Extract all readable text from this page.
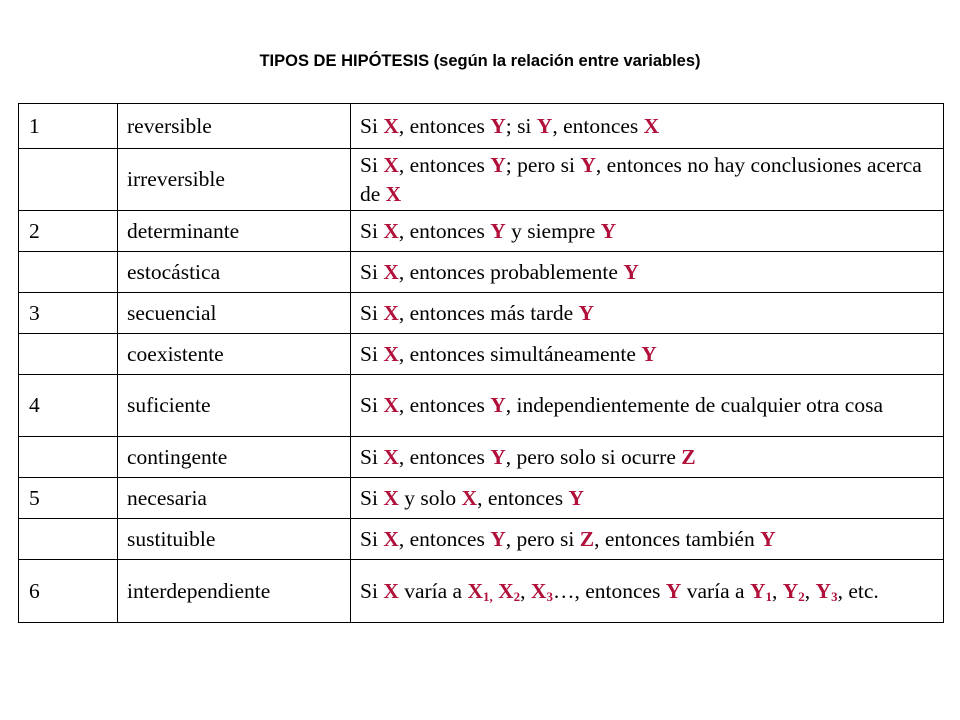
TIPOS DE HIPÓTESIS (según la relación entre variables)
1	reversible	Si X, entonces Y; si Y, entonces X
	irreversible	Si X, entonces Y; pero si Y, entonces no hay conclusiones acerca de X
2	determinante	Si X, entonces Y y siempre Y
	estocástica	Si X, entonces probablemente Y
3	secuencial	Si X, entonces más tarde Y
	coexistente	Si X, entonces simultáneamente Y
4	suficiente	Si X, entonces Y, independientemente de cualquier otra cosa
	contingente	Si X, entonces Y, pero solo si ocurre Z
5	necesaria	Si X y solo X, entonces Y
	sustituible	Si X, entonces Y, pero si Z, entonces también Y
6	interdependiente	Si X varía a $X_{1,}$ $X_2$, $X_3\dots$, entonces Y varía a $Y_1$, $Y_2$, $Y_3$, etc.
